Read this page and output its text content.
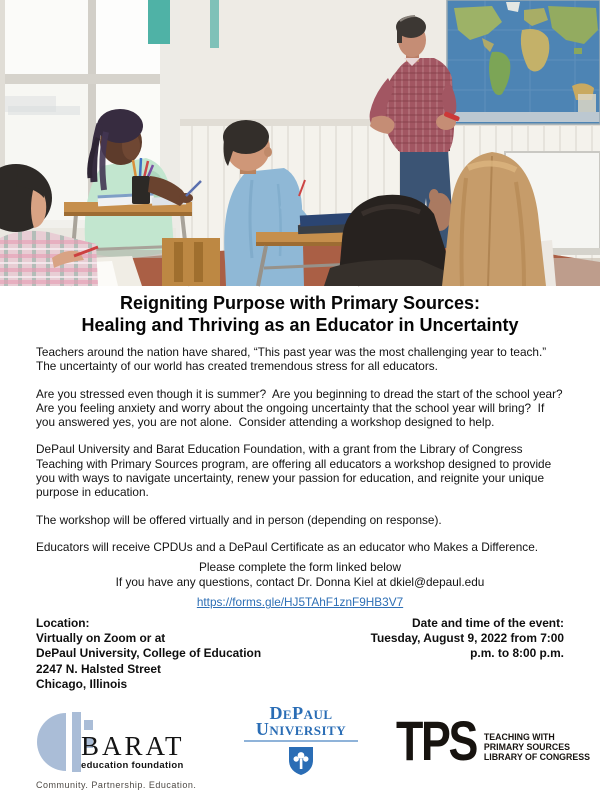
Reigniting Purpose with Primary Sources:
Healing and Thriving as an Educator in Uncertainty

Teachers around the nation have shared, “This past year was the most challenging year to teach.”  The uncertainty of our world has created tremendous stress for all educators.

Are you stressed even though it is summer?  Are you beginning to dread the start of the school year?  Are you feeling anxiety and worry about the ongoing uncertainty that the school year will bring?  If you answered yes, you are not alone.  Consider attending a workshop designed to help.

DePaul University and Barat Education Foundation, with a grant from the Library of Congress Teaching with Primary Sources program, are offering all educators a workshop designed to provide you with ways to navigate uncertainty, renew your passion for education, and reignite your unique purpose in education.

The workshop will be offered virtually and in person (depending on response).

Educators will receive CPDUs and a DePaul Certificate as an educator who Makes a Difference.

Please complete the form linked below
If you have any questions, contact Dr. Donna Kiel at dkiel@depaul.edu
https://forms.gle/HJ5TAhF1znF9HB3V7
Location:
Virtually on Zoom or at
DePaul University, College of Education
2247 N. Halsted Street
Chicago, Illinois
Date and time of the event:
Tuesday, August 9, 2022 from 7:00
p.m. to 8:00 p.m.
BARAT
education foundation
Community. Partnership. Education.
DePaul
University TPS TEACHING WITH
PRIMARY SOURCES
LIBRARY OF CONGRESS
